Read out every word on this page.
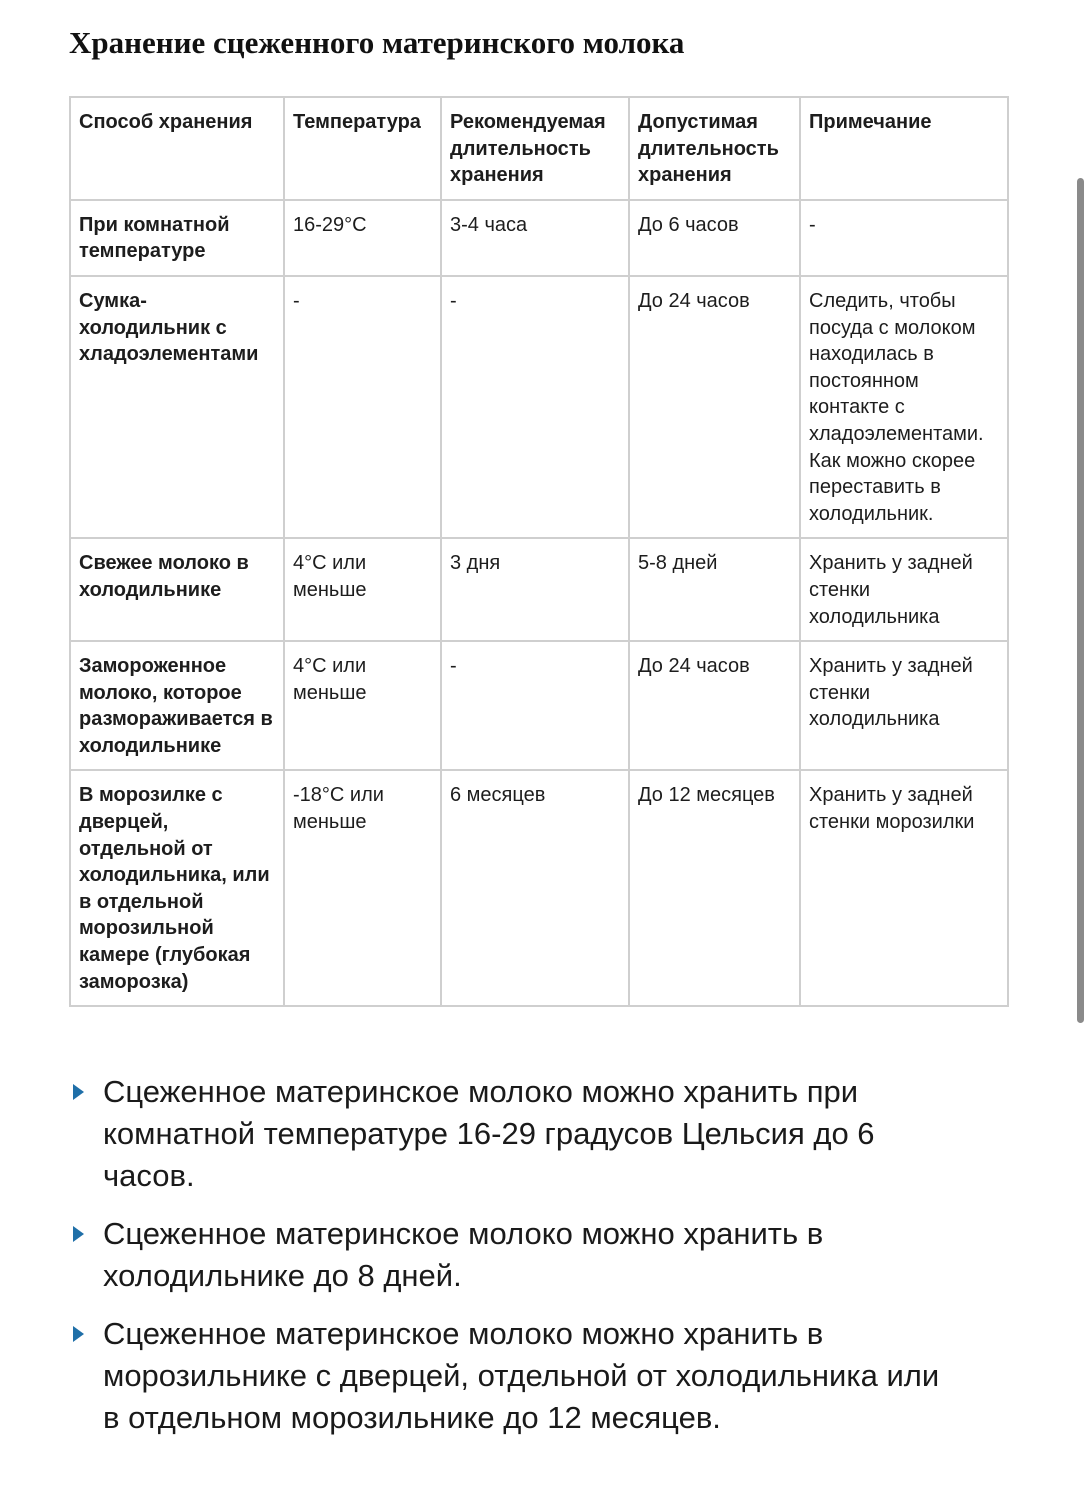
Хранение сцеженного материнского молока
Способ хранения	Температура	Рекомендуемая длительность хранения	Допустимая длительность хранения	Примечание
При комнатной температуре	16-29°C	3-4 часа	До 6 часов	-
Сумка-холодильник с хладоэлементами	-	-	До 24 часов	Следить, чтобы посуда с молоком находилась в постоянном контакте с хладоэлементами. Как можно скорее переставить в холодильник.
Свежее молоко в холодильнике	4°C или меньше	3 дня	5-8 дней	Хранить у задней стенки холодильника
Замороженное молоко, которое размораживается в холодильнике	4°C или меньше	-	До 24 часов	Хранить у задней стенки холодильника
В морозилке с дверцей, отдельной от холодильника, или в отдельной морозильной камере (глубокая заморозка)	-18°C или меньше	6 месяцев	До 12 месяцев	Хранить у задней стенки морозилки
Сцеженное материнское молоко можно хранить при комнатной температуре 16-29 градусов Цельсия до 6 часов.
Сцеженное материнское молоко можно хранить в холодильнике до 8 дней.
Сцеженное материнское молоко можно хранить в морозильнике с дверцей, отдельной от холодильника или в отдельном морозильнике до 12 месяцев.
